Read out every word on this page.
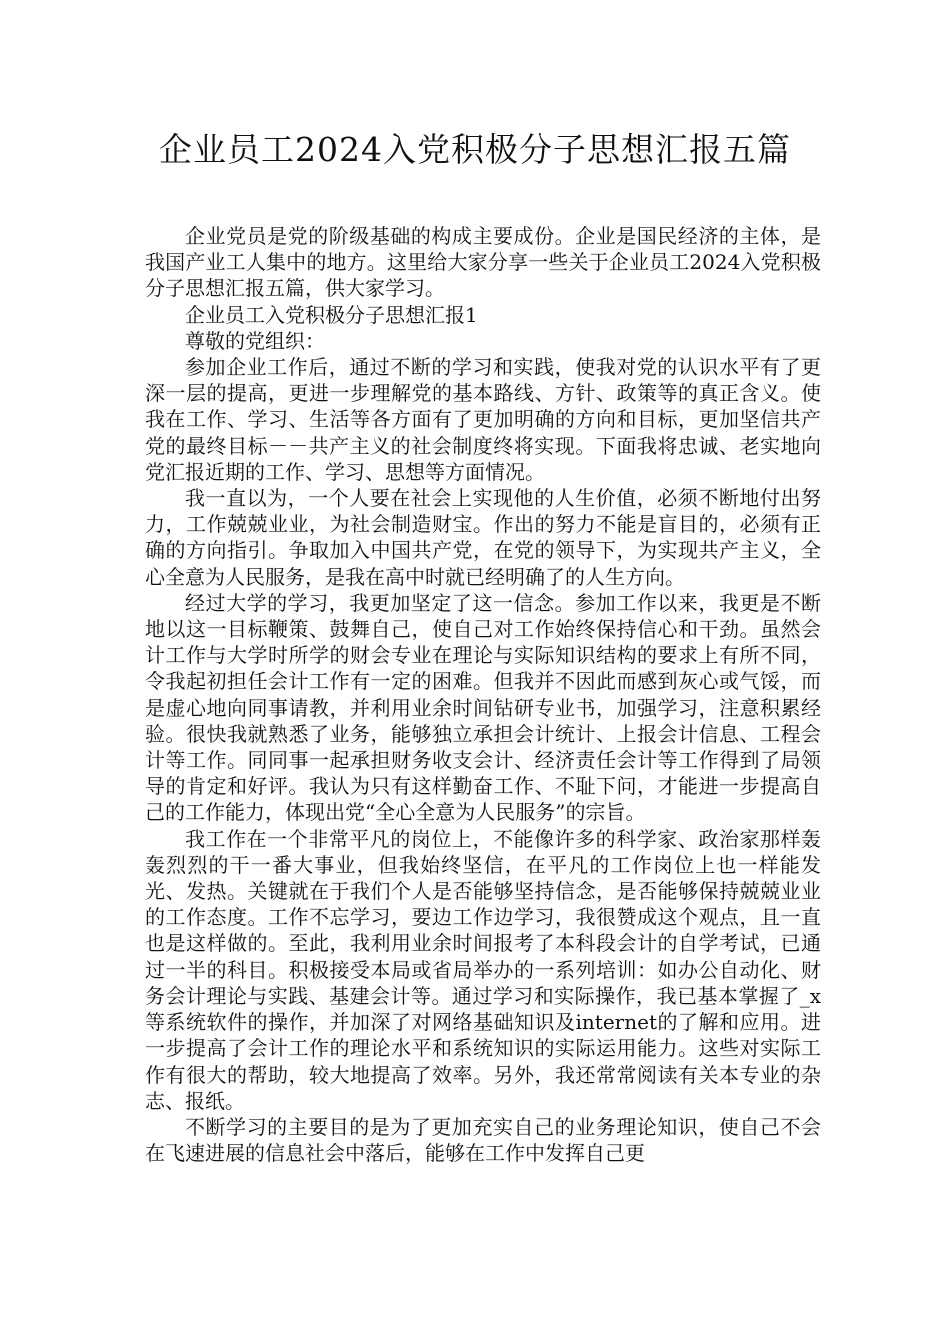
企业员工2024入党积极分子思想汇报五篇

企业党员是党的阶级基础的构成主要成份。企业是国民经济的主体，是我国产业工人集中的地方。这里给大家分享一些关于企业员工2024入党积极分子思想汇报五篇，供大家学习。

企业员工入党积极分子思想汇报1

尊敬的党组织：

参加企业工作后，通过不断的学习和实践，使我对党的认识水平有了更深一层的提高，更进一步理解党的基本路线、方针、政策等的真正含义。使我在工作、学习、生活等各方面有了更加明确的方向和目标，更加坚信共产党的最终目标－－共产主义的社会制度终将实现。下面我将忠诚、老实地向党汇报近期的工作、学习、思想等方面情况。

我一直以为，一个人要在社会上实现他的人生价值，必须不断地付出努力，工作兢兢业业，为社会制造财宝。作出的努力不能是盲目的，必须有正确的方向指引。争取加入中国共产党，在党的领导下，为实现共产主义，全心全意为人民服务，是我在高中时就已经明确了的人生方向。

经过大学的学习，我更加坚定了这一信念。参加工作以来，我更是不断地以这一目标鞭策、鼓舞自己，使自己对工作始终保持信心和干劲。虽然会计工作与大学时所学的财会专业在理论与实际知识结构的要求上有所不同，令我起初担任会计工作有一定的困难。但我并不因此而感到灰心或气馁，而是虚心地向同事请教，并利用业余时间钻研专业书，加强学习，注意积累经验。很快我就熟悉了业务，能够独立承担会计统计、上报会计信息、工程会计等工作。同同事一起承担财务收支会计、经济责任会计等工作得到了局领导的肯定和好评。我认为只有这样勤奋工作、不耻下问，才能进一步提高自己的工作能力，体现出党“全心全意为人民服务”的宗旨。

我工作在一个非常平凡的岗位上，不能像许多的科学家、政治家那样轰轰烈烈的干一番大事业，但我始终坚信，在平凡的工作岗位上也一样能发光、发热。关键就在于我们个人是否能够坚持信念，是否能够保持兢兢业业的工作态度。工作不忘学习，要边工作边学习，我很赞成这个观点，且一直也是这样做的。至此，我利用业余时间报考了本科段会计的自学考试，已通过一半的科目。积极接受本局或省局举办的一系列培训：如办公自动化、财务会计理论与实践、基建会计等。通过学习和实际操作，我已基本掌握了_x等系统软件的操作，并加深了对网络基础知识及internet的了解和应用。进一步提高了会计工作的理论水平和系统知识的实际运用能力。这些对实际工作有很大的帮助，较大地提高了效率。另外，我还常常阅读有关本专业的杂志、报纸。

不断学习的主要目的是为了更加充实自己的业务理论知识，使自己不会在飞速进展的信息社会中落后，能够在工作中发挥自己更
